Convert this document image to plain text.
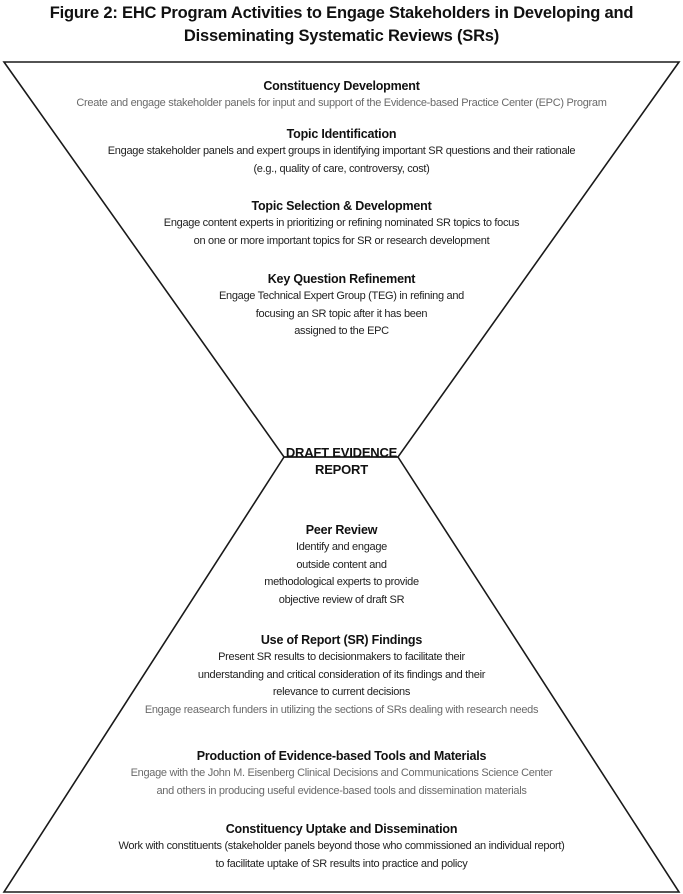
Figure 2: EHC Program Activities to Engage Stakeholders in Developing and
Disseminating Systematic Reviews (SRs)
Constituency Development
Create and engage stakeholder panels for input and support of the Evidence-based Practice Center (EPC) Program
Topic Identification
Engage stakeholder panels and expert groups in identifying important SR questions and their rationale
(e.g., quality of care, controversy, cost)
Topic Selection & Development
Engage content experts in prioritizing or refining nominated SR topics to focus
on one or more important topics for SR or research development
Key Question Refinement
Engage Technical Expert Group (TEG) in refining and
focusing an SR topic after it has been
assigned to the EPC
DRAFT EVIDENCE
REPORT
Peer Review
Identify and engage
outside content and
methodological experts to provide
objective review of draft SR
Use of Report (SR) Findings
Present SR results to decisionmakers to facilitate their
understanding and critical consideration of its findings and their
relevance to current decisions
Engage reasearch funders in utilizing the sections of SRs dealing with research needs
Production of Evidence-based Tools and Materials
Engage with the John M. Eisenberg Clinical Decisions and Communications Science Center
and others in producing useful evidence-based tools and dissemination materials
Constituency Uptake and Dissemination
Work with constituents (stakeholder panels beyond those who commissioned an individual report)
to facilitate uptake of SR results into practice and policy
